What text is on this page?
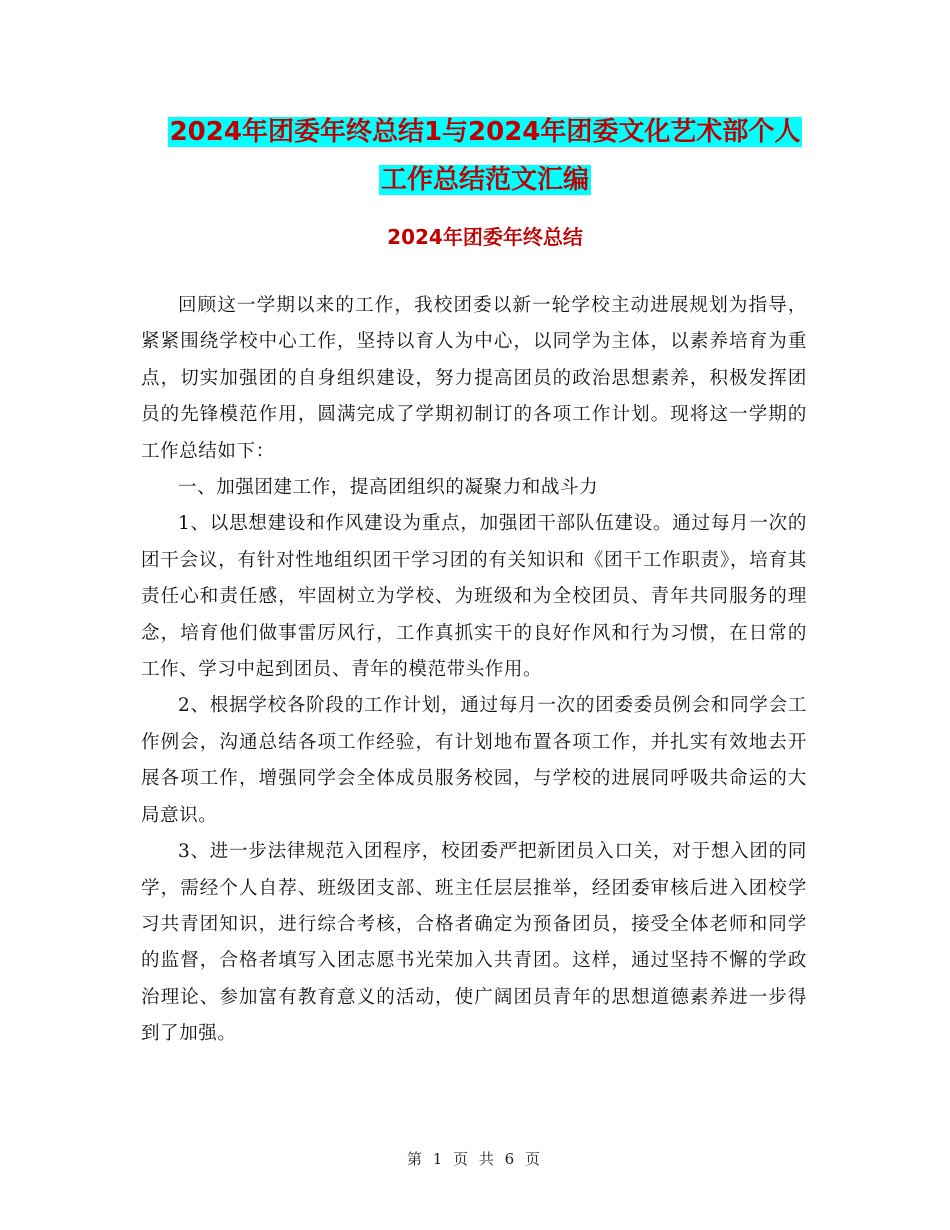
2024年团委年终总结1与2024年团委文化艺术部个人
工作总结范文汇编
2024年团委年终总结

回顾这一学期以来的工作，我校团委以新一轮学校主动进展规划为指导，紧紧围绕学校中心工作，坚持以育人为中心，以同学为主体，以素养培育为重点，切实加强团的自身组织建设，努力提高团员的政治思想素养，积极发挥团员的先锋模范作用，圆满完成了学期初制订的各项工作计划。现将这一学期的工作总结如下：

一、加强团建工作，提高团组织的凝聚力和战斗力

1、以思想建设和作风建设为重点，加强团干部队伍建设。通过每月一次的团干会议，有针对性地组织团干学习团的有关知识和《团干工作职责》，培育其责任心和责任感，牢固树立为学校、为班级和为全校团员、青年共同服务的理念，培育他们做事雷厉风行，工作真抓实干的良好作风和行为习惯，在日常的工作、学习中起到团员、青年的模范带头作用。

2、根据学校各阶段的工作计划，通过每月一次的团委委员例会和同学会工作例会，沟通总结各项工作经验，有计划地布置各项工作，并扎实有效地去开展各项工作，增强同学会全体成员服务校园，与学校的进展同呼吸共命运的大局意识。

3、进一步法律规范入团程序，校团委严把新团员入口关，对于想入团的同学，需经个人自荐、班级团支部、班主任层层推举，经团委审核后进入团校学习共青团知识，进行综合考核，合格者确定为预备团员，接受全体老师和同学的监督，合格者填写入团志愿书光荣加入共青团。这样，通过坚持不懈的学政治理论、参加富有教育意义的活动，使广阔团员青年的思想道德素养进一步得到了加强。

第 1 页 共 6 页
